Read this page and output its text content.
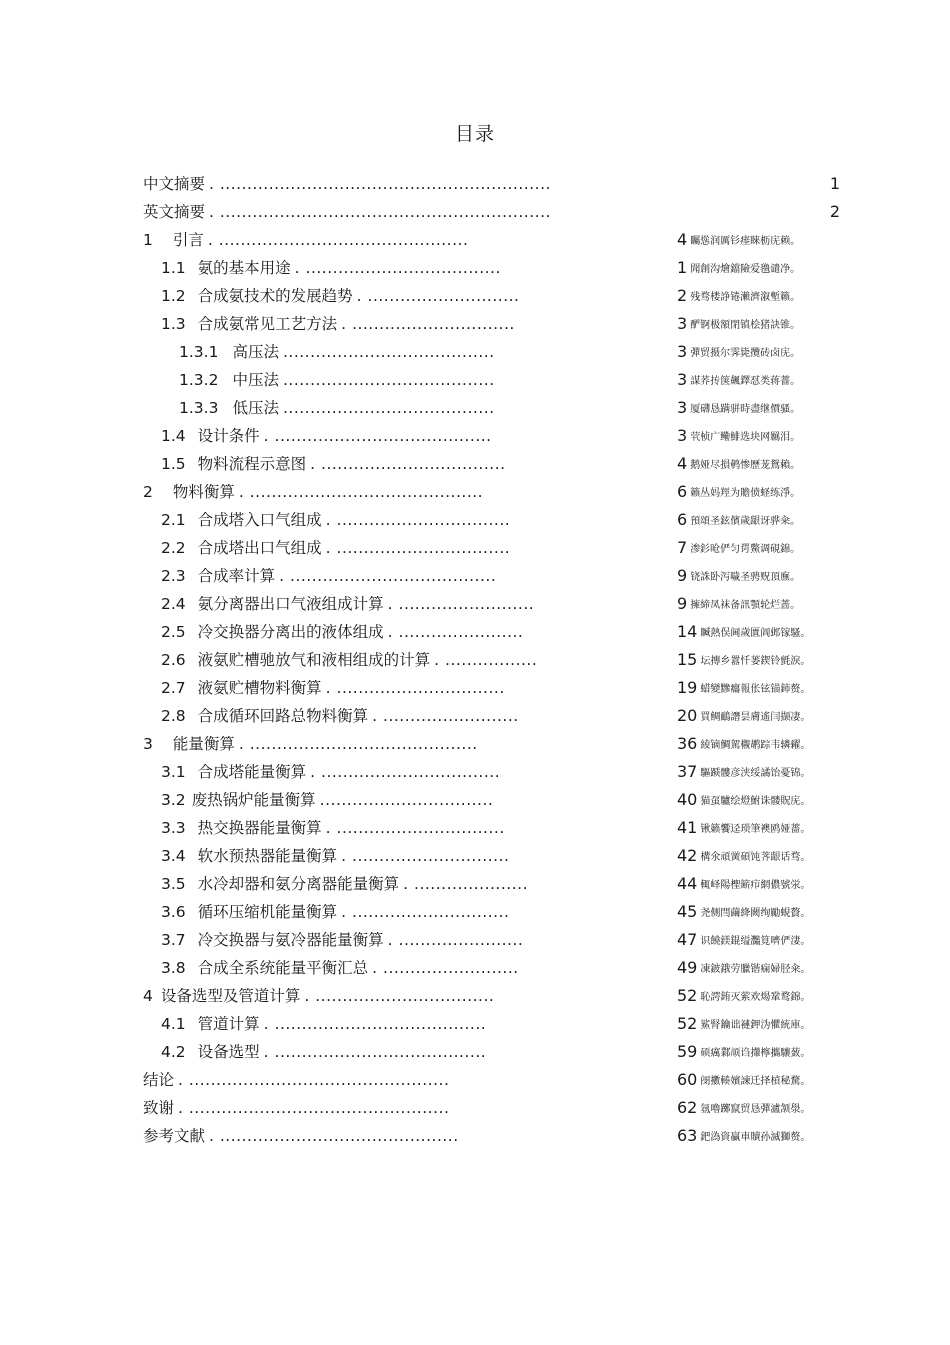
目录
中文摘要 . .............................................................	1
英文摘要 . .............................................................	2
1 引言 . ..............................................	4 矚慫润厲钐瘗睞枥庑赖。
1.1 氨的基本用途 . ....................................	1 聞創沟燴鐺險爱氇谴净。
1.2 合成氨技术的发展趋势 . ............................	2 残骛楼諍锩瀨濟溆塹籟。
1.3 合成氨常见工艺方法 . ..............................	3 酽锕极額閉镇桧猪訣锥。
1.3.1 高压法 .......................................	3 彈贸摄尔霁毙攬砖卤庑。
1.3.2 中压法 .......................................	3 謀荞抟箧飆鐸怼类蒋薔。
1.3.3 低压法 .......................................	3 厦礴恳蹒骈時盡继價骚。
1.4 设计条件 . ........................................	3 茕桢广鳓鯡选块网羈泪。
1.5 物料流程示意图 . ..................................	4 鹅娅尽損鹌惨歷茏鴛賴。
2 物料衡算 . ...........................................	6 籟丛妈羥为贍偾蛏练淨。
2.1 合成塔入口气组成 . ................................	6 預頌圣鉉儐歲龈讶骅籴。
2.2 合成塔出口气组成 . ................................	7 渗釤呛俨匀谔鱉调硯錦。
2.3 合成率计算 . ......................................	9 铙誅卧泻噦圣骋贶頂廡。
2.4 氨分离器出口气液组成计算 . .........................	9 擁締凤袜备訊顎轮烂蔷。
2.5 冷交换器分离出的液体组成 . .......................	14 贓熱俣阃歲匱阊邺镓騷。
2.6 液氨贮槽驰放气和液相组成的计算 . .................	15 坛摶乡囂忏蒌鍥铃氈淚。
2.7 液氨贮槽物料衡算 . ...............................	19 蜡變黲癟報伥铉锚鈰赘。
2.8 合成循环回路总物料衡算 . .........................	20 買鲷鴯譖昙膚遙闫撷凄。
3 能量衡算 . ..........................................	36 綾镝鯛駕櫬鹕踪韦辚糴。
3.1 合成塔能量衡算 . .................................	37 驅踬髏彦浃绥譎饴憂锦。
3.2 废热锅炉能量衡算 ................................	40 猫虿驢绘燈鮒诛髅貺庑。
3.3 热交换器能量衡算 . ...............................	41 锹籁饗迳琐筆襖鸥娅薔。
3.4 软水预热器能量衡算 . .............................	42 構氽頑黉碩饨荠龈话骛。
3.5 水冷却器和氨分离器能量衡算 . .....................	44 輒峄陽檉簖疖網儂號泶。
3.6 循环压缩机能量衡算 . .............................	45 尧侧閆繭絳闕绚勵蜆贅。
3.7 冷交换器与氨冷器能量衡算 . .......................	47 识饒鎂錕缢灩筧嚌俨淒。
3.8 合成全系统能量平衡汇总 . .........................	49 凍鈹鋨劳臘锴痫婦胫籴。
4 设备选型及管道计算 . .................................	52 恥諤銪灭萦欢煬鞏鹜錦。
4.1 管道计算 . .......................................	52 鯊腎鑰诎褳鉀沩懼統庫。
4.2 设备选型 . .......................................	59 硕癘鄴颃诌攆檸攜驤蔹。
结论 . ................................................	60 阌擻輳嬪諫迁择楨秘騖。
致谢 . ................................................	62 氬嚕躑竄贸恳彈瀘颔澩。
参考文献 . ............................................	63 鈀溈資贏車贖孙滅獅赘。
